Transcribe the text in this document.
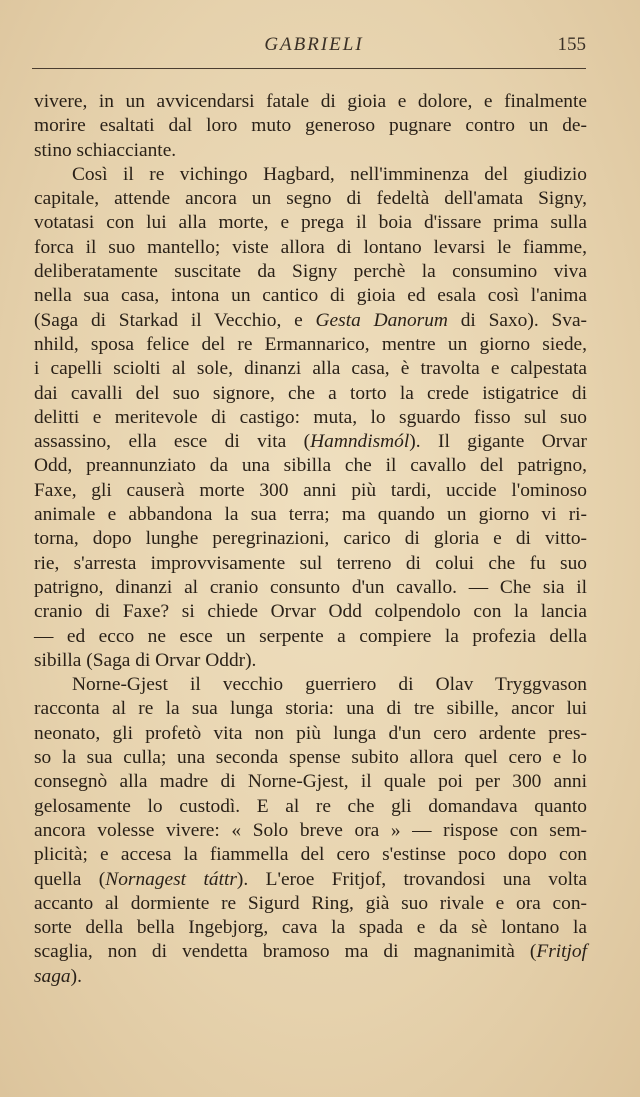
GABRIELI	155
vivere, in un avvicendarsi fatale di gioia e dolore, e finalmente
morire esaltati dal loro muto generoso pugnare contro un de-
stino schiacciante.
Così il re vichingo Hagbard, nell'imminenza del giudizio
capitale, attende ancora un segno di fedeltà dell'amata Signy,
votatasi con lui alla morte, e prega il boia d'issare prima sulla
forca il suo mantello; viste allora di lontano levarsi le fiamme,
deliberatamente suscitate da Signy perchè la consumino viva
nella sua casa, intona un cantico di gioia ed esala così l'anima
(Saga di Starkad il Vecchio, e Gesta Danorum di Saxo). Sva-
nhild, sposa felice del re Ermannarico, mentre un giorno siede,
i capelli sciolti al sole, dinanzi alla casa, è travolta e calpestata
dai cavalli del suo signore, che a torto la crede istigatrice di
delitti e meritevole di castigo: muta, lo sguardo fisso sul suo
assassino, ella esce di vita (Hamndismól). Il gigante Orvar
Odd, preannunziato da una sibilla che il cavallo del patrigno,
Faxe, gli causerà morte 300 anni più tardi, uccide l'ominoso
animale e abbandona la sua terra; ma quando un giorno vi ri-
torna, dopo lunghe peregrinazioni, carico di gloria e di vitto-
rie, s'arresta improvvisamente sul terreno di colui che fu suo
patrigno, dinanzi al cranio consunto d'un cavallo. — Che sia il
cranio di Faxe? si chiede Orvar Odd colpendolo con la lancia
— ed ecco ne esce un serpente a compiere la profezia della
sibilla (Saga di Orvar Oddr).
Norne-Gjest il vecchio guerriero di Olav Tryggvason
racconta al re la sua lunga storia: una di tre sibille, ancor lui
neonato, gli profetò vita non più lunga d'un cero ardente pres-
so la sua culla; una seconda spense subito allora quel cero e lo
consegnò alla madre di Norne-Gjest, il quale poi per 300 anni
gelosamente lo custodì. E al re che gli domandava quanto
ancora volesse vivere: « Solo breve ora » — rispose con sem-
plicità; e accesa la fiammella del cero s'estinse poco dopo con
quella (Nornagest táttr). L'eroe Fritjof, trovandosi una volta
accanto al dormiente re Sigurd Ring, già suo rivale e ora con-
sorte della bella Ingebjorg, cava la spada e da sè lontano la
scaglia, non di vendetta bramoso ma di magnanimità (Fritjof
saga).
